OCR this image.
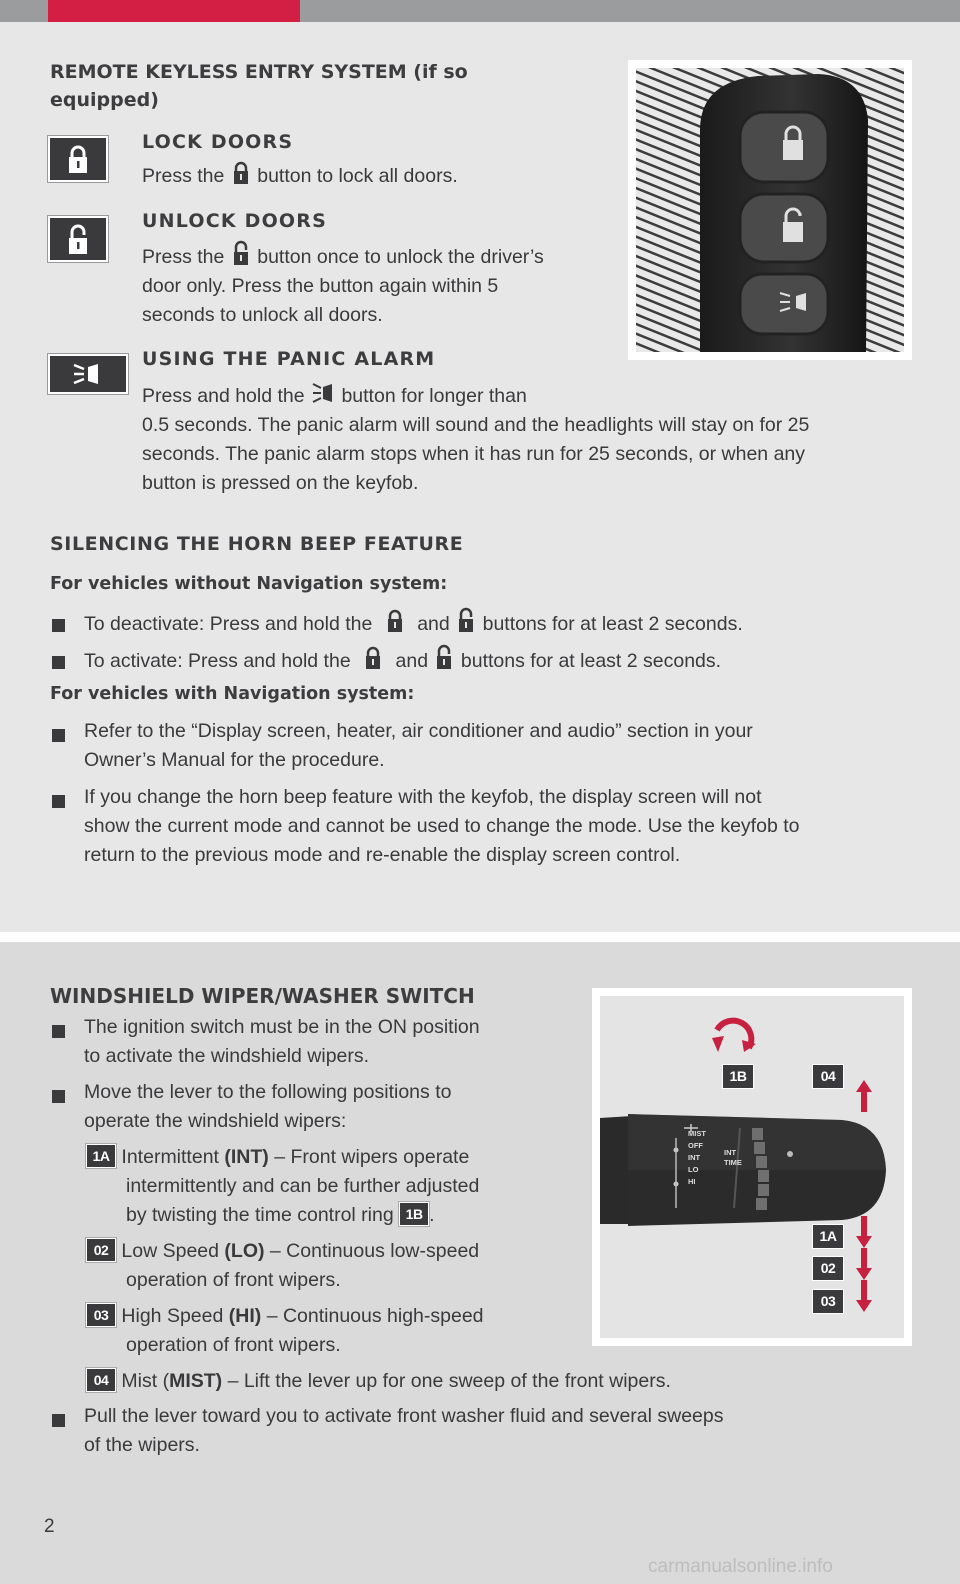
REMOTE KEYLESS ENTRY SYSTEM (if so
equipped)
LOCK DOORS
Press the button to lock all doors.
UNLOCK DOORS
Press the button once to unlock the driver’s
door only. Press the button again within 5
seconds to unlock all doors.
USING THE PANIC ALARM
Press and hold the button for longer than
0.5 seconds. The panic alarm will sound and the headlights will stay on for 25
seconds. The panic alarm stops when it has run for 25 seconds, or when any
button is pressed on the keyfob.
SILENCING THE HORN BEEP FEATURE
For vehicles without Navigation system:
To deactivate: Press and hold the and buttons for at least 2 seconds.
To activate: Press and hold the and buttons for at least 2 seconds.
For vehicles with Navigation system:
Refer to the “Display screen, heater, air conditioner and audio” section in your
Owner’s Manual for the procedure.
If you change the horn beep feature with the keyfob, the display screen will not
show the current mode and cannot be used to change the mode. Use the keyfob to
return to the previous mode and re-enable the display screen control.
WINDSHIELD WIPER/WASHER SWITCH
MIST
OFF
INT
LO
HI
INT
TIME
1B	04
1A
02
03
The ignition switch must be in the ON position
to activate the windshield wipers.
Move the lever to the following positions to
operate the windshield wipers:
1A Intermittent (INT) – Front wipers operate
intermittently and can be further adjusted
by twisting the time control ring 1B .
02 Low Speed (LO) – Continuous low-speed
operation of front wipers.
03 High Speed (HI) – Continuous high-speed
operation of front wipers.
04 Mist (MIST) – Lift the lever up for one sweep of the front wipers.
Pull the lever toward you to activate front washer fluid and several sweeps
of the wipers.
2
carmanualsonline.info
